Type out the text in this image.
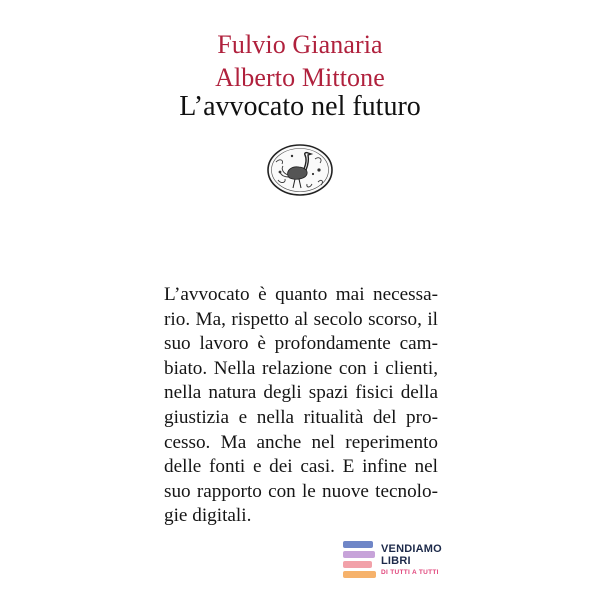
Fulvio Gianaria
Alberto Mittone
L’avvocato nel futuro
L’avvocato è quanto mai necessa-
rio. Ma, rispetto al secolo scorso, il
suo lavoro è profondamente cam-
biato. Nella relazione con i clienti,
nella natura degli spazi fisici della
giustizia e nella ritualità del pro-
cesso. Ma anche nel reperimento
delle fonti e dei casi. E infine nel
suo rapporto con le nuove tecnolo-
gie digitali.
VENDIAMO
LIBRI
DI TUTTI A TUTTI
